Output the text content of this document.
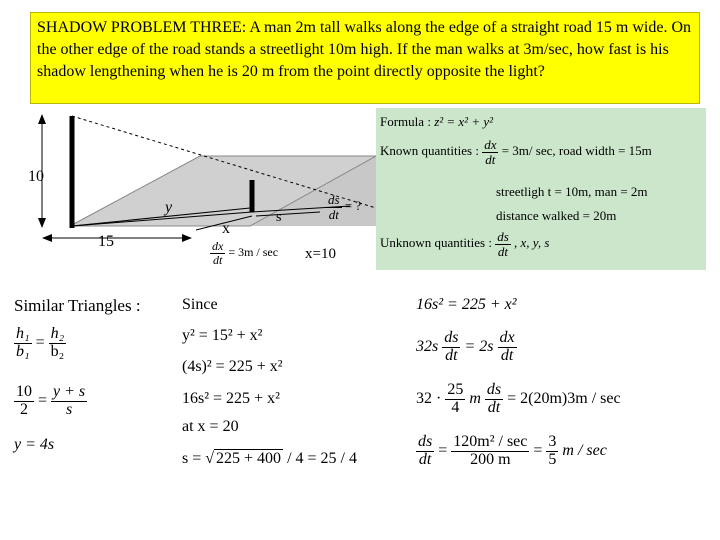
SHADOW PROBLEM THREE: A man 2m tall walks along the edge of a straight road 15 m wide. On the other edge of the road stands a streetlight 10m high. If the man walks at 3m/sec, how fast is his shadow lengthening when he is 20 m from the point directly opposite the light?
10
15
y
x
s	$\frac{ds}{dt}$ = ?
$\frac{dx}{dt} = 3m / \sec x=10$
Formula : z² = x² + y²
Known quantities : $\frac{dx}{dt} = 3m/$ sec, road width = 15m
streetligh t = 10m, man = 2m
distance walked = 20m
Unknown quantities : $\frac{ds}{dt}$ , x, y, s
Similar Triangles :
$\frac{\text{h₁}}{\text{b₁}} = \frac{\text{h₂}}{\text{b₂}}$
$\frac{10}{2} = \frac{y + s}{s}$
y = 4s
Since
y² = 15² + x²
(4s)² = 225 + x²
16s² = 225 + x²
at x = 20
s = √ 225 + 400 / 4 = 25 / 4
16s² = 225 + x²
$32s \frac{ds}{dt} = 2s \frac{dx}{dt}$
$32 \cdot \frac{25}{4}$ m $\frac{ds}{dt} = 2(20m)3m / \sec$
$\frac{ds}{dt} = \frac{\text{120m² / sec}}{200 m} = \frac{3}{5}$ m / sec
